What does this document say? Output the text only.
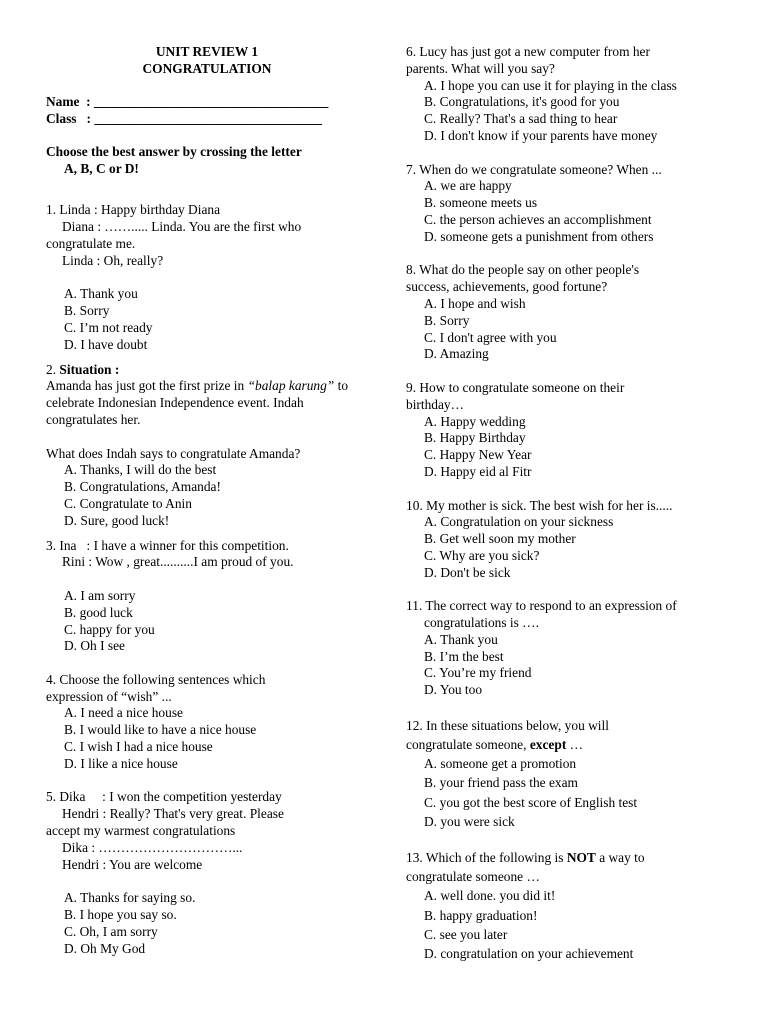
UNIT REVIEW 1

CONGRATULATION

Name  : ___________________________________
Class   : __________________________________
Choose the best answer by crossing the letter
A, B, C or D!

1. Linda : Happy birthday Diana

Diana : ……..... Linda. You are the first who

congratulate me.

Linda : Oh, really?

A. Thank you
B. Sorry
C. I’m not ready
D. I have doubt

2. Situation :

Amanda has just got the first prize in “balap karung” to celebrate Indonesian Independence event. Indah congratulates her.

What does Indah says to congratulate Amanda?

A. Thanks, I will do the best
B. Congratulations, Amanda!
C. Congratulate to Anin
D. Sure, good luck!

3. Ina   : I have a winner for this competition.

Rini : Wow , great..........I am proud of you.

A. I am sorry
B. good luck
C. happy for you
D. Oh I see

4. Choose the following sentences which

expression of “wish” ...

A. I need a nice house
B. I would like to have a nice house
C. I wish I had a nice house
D. I like a nice house

5. Dika     : I won the competition yesterday

Hendri : Really? That's very great. Please

accept my warmest congratulations

Dika : …………………………...

Hendri : You are welcome

A. Thanks for saying so.
B. I hope you say so.
C. Oh, I am sorry
D. Oh My God

6. Lucy has just got a new computer from her

parents. What will you say?

A. I hope you can use it for playing in the class
B. Congratulations, it's good for you
C. Really? That's a sad thing to hear
D. I don't know if your parents have money

7. When do we congratulate someone? When ...

A. we are happy
B. someone meets us
C. the person achieves an accomplishment
D. someone gets a punishment from others

8. What do the people say on other people's

success, achievements, good fortune?

A. I hope and wish
B. Sorry
C. I don't agree with you
D. Amazing

9. How to congratulate someone on their

birthday…

A. Happy wedding
B. Happy Birthday
C. Happy New Year
D. Happy eid al Fitr

10. My mother is sick. The best wish for her is.....

A. Congratulation on your sickness
B. Get well soon my mother
C. Why are you sick?
D. Don't be sick

11. The correct way to respond to an expression of

congratulations is ….

A. Thank you
B. I’m the best
C. You’re my friend
D. You too

12. In these situations below, you will

congratulate someone, except …

A. someone get a promotion
B. your friend pass the exam
C. you got the best score of English test
D. you were sick

13. Which of the following is NOT a way to

congratulate someone …

A. well done. you did it!
B. happy graduation!
C. see you later
D. congratulation on your achievement
